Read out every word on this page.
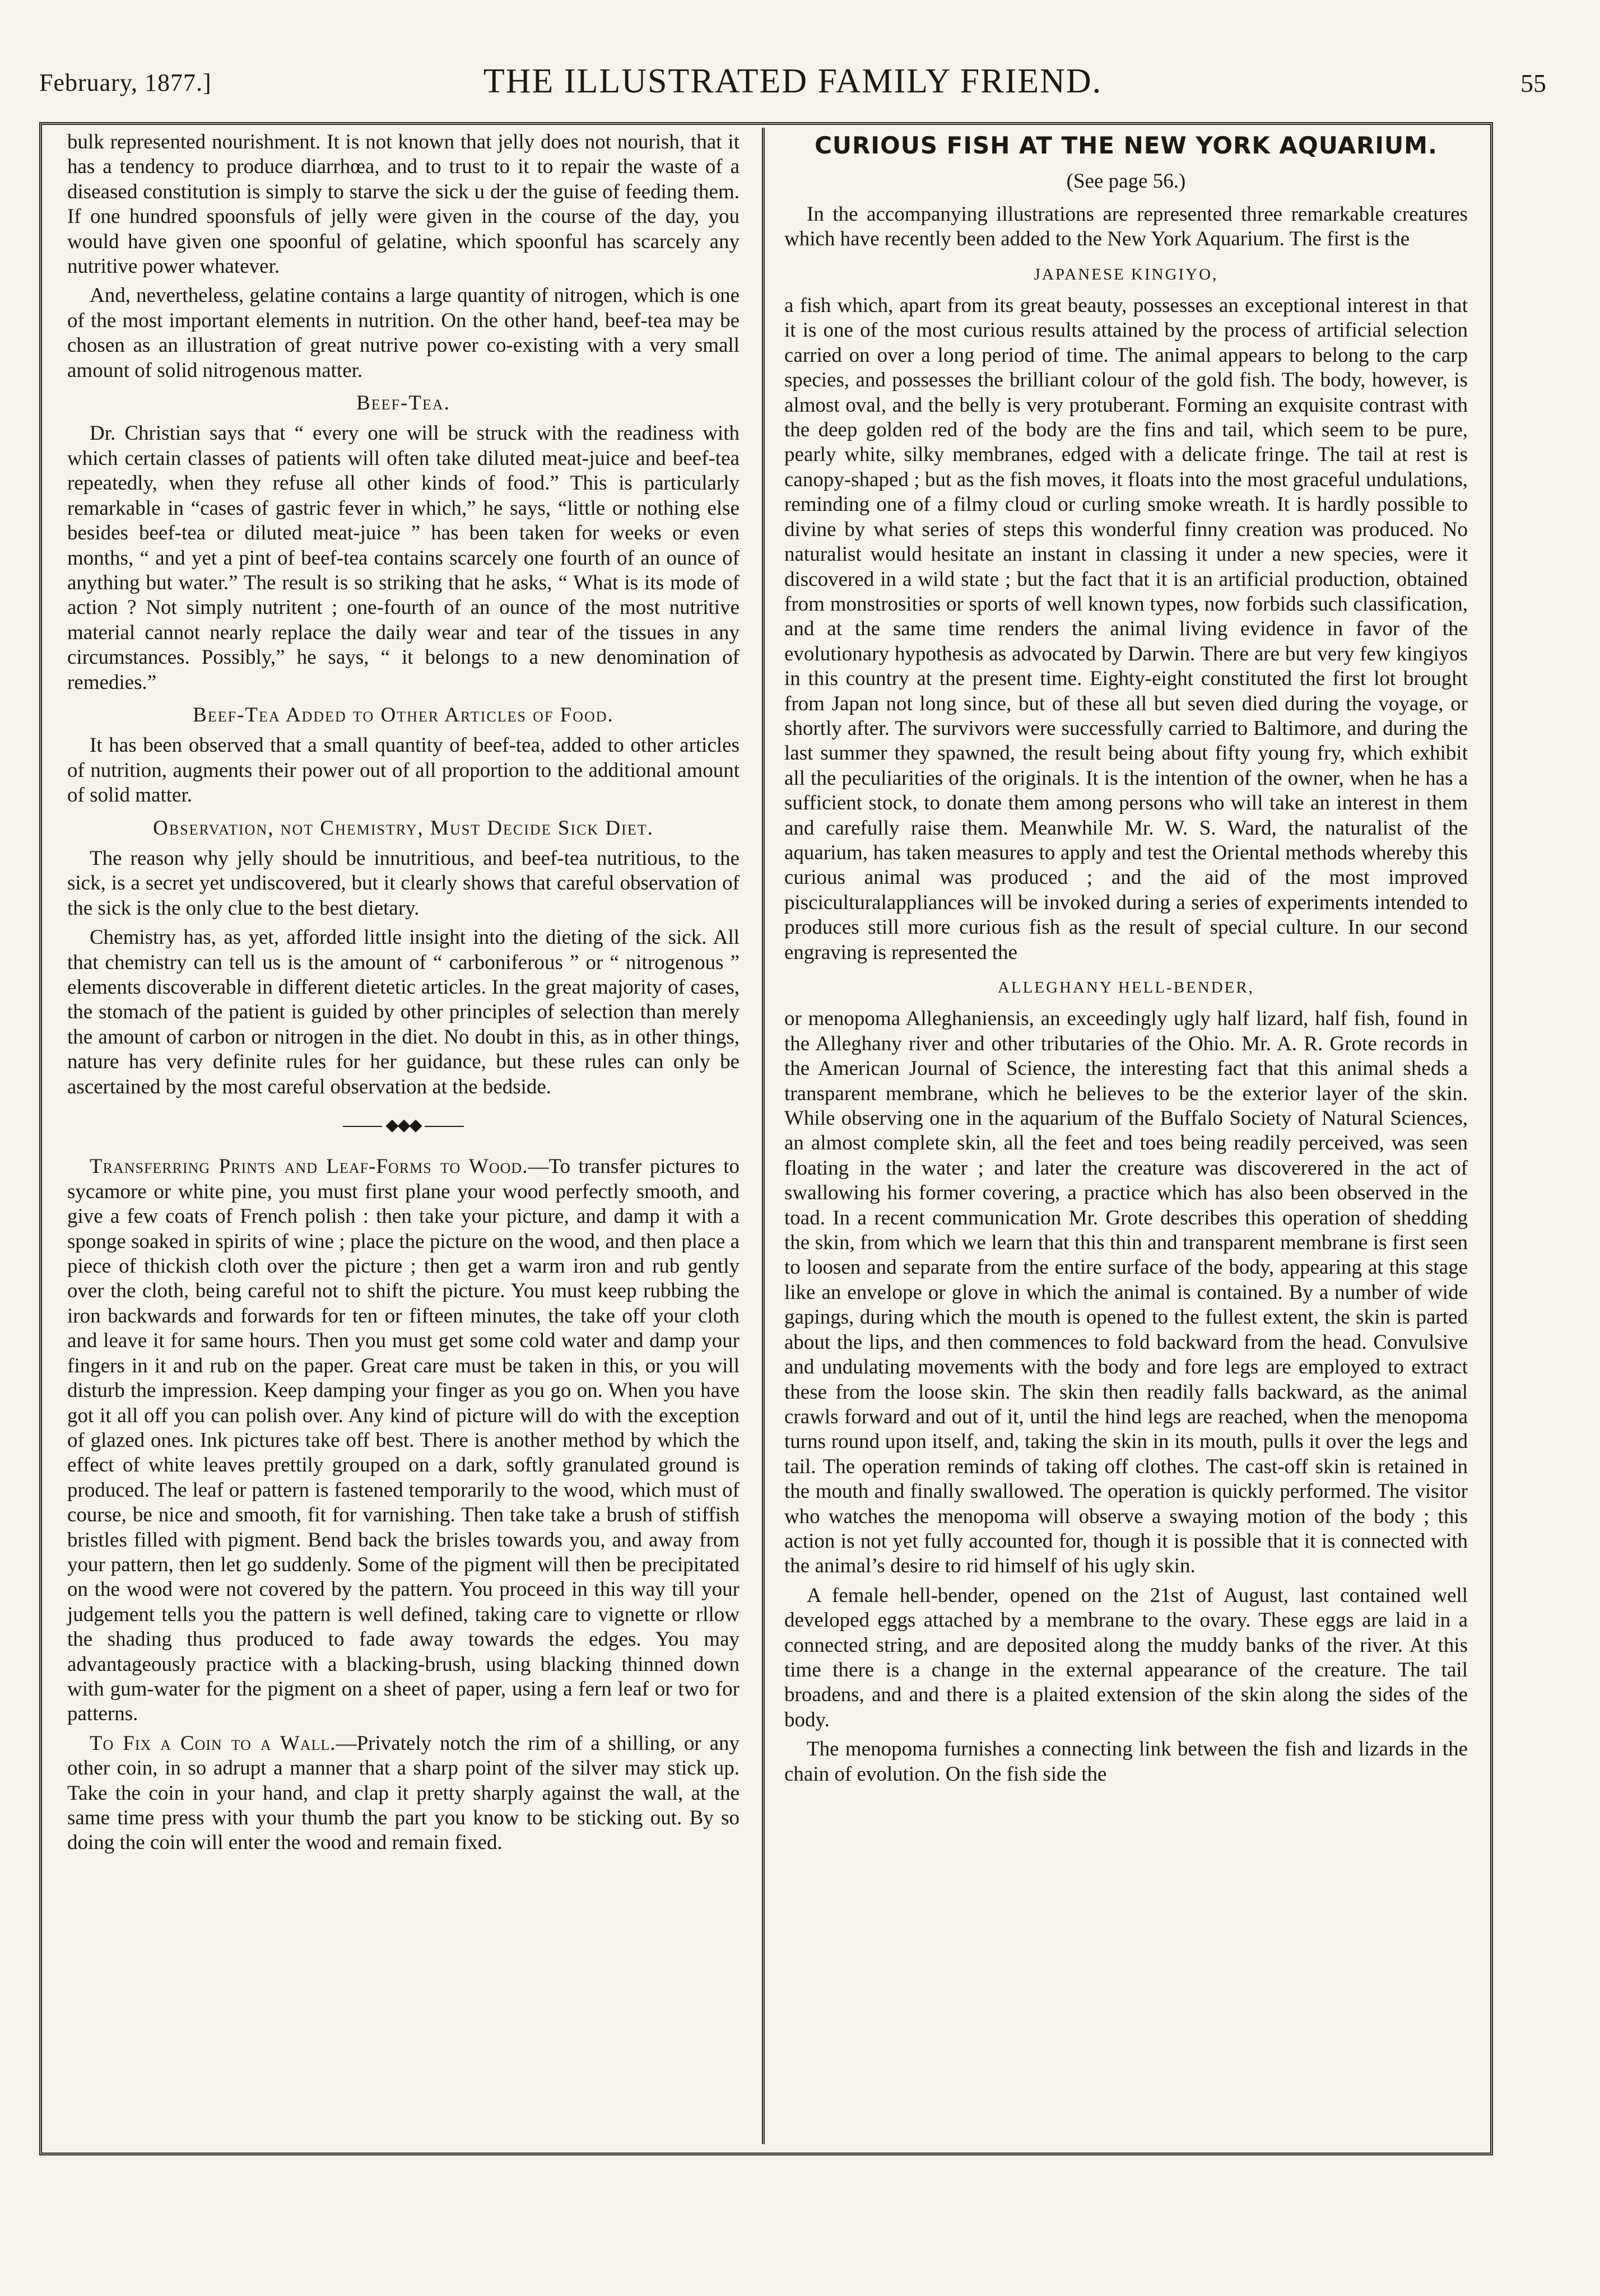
February, 1877.]	THE ILLUSTRATED FAMILY FRIEND.	55

bulk represented nourishment. It is not known that jelly does not nourish, that it has a tendency to produce diarrhœa, and to trust to it to repair the waste of a diseased constitution is simply to starve the sick u der the guise of feeding them. If one hundred spoonsfuls of jelly were given in the course of the day, you would have given one spoonful of gelatine, which spoonful has scarcely any nutritive power whatever.

And, nevertheless, gelatine contains a large quantity of nitrogen, which is one of the most important elements in nutrition. On the other hand, beef-tea may be chosen as an illustration of great nutrive power co-existing with a very small amount of solid nitrogenous matter.

Beef-Tea.

Dr. Christian says that “ every one will be struck with the readiness with which certain classes of patients will often take diluted meat-juice and beef-tea repeatedly, when they refuse all other kinds of food.” This is particularly remarkable in “cases of gastric fever in which,” he says, “little or nothing else besides beef-tea or diluted meat-juice ” has been taken for weeks or even months, “ and yet a pint of beef-tea contains scarcely one fourth of an ounce of anything but water.” The result is so striking that he asks, “ What is its mode of action ? Not simply nutritent ; one-fourth of an ounce of the most nutritive material cannot nearly replace the daily wear and tear of the tissues in any circumstances. Possibly,” he says, “ it belongs to a new denomination of remedies.”

Beef-Tea Added to Other Articles of Food.

It has been observed that a small quantity of beef-tea, added to other articles of nutrition, augments their power out of all proportion to the additional amount of solid matter.

Observation, not Chemistry, Must Decide Sick Diet.

The reason why jelly should be innutritious, and beef-tea nutritious, to the sick, is a secret yet undiscovered, but it clearly shows that careful observation of the sick is the only clue to the best dietary.

Chemistry has, as yet, afforded little insight into the dieting of the sick. All that chemistry can tell us is the amount of “ carboniferous ” or “ nitrogenous ” elements discoverable in different dietetic articles. In the great majority of cases, the stomach of the patient is guided by other principles of selection than merely the amount of carbon or nitrogen in the diet. No doubt in this, as in other things, nature has very definite rules for her guidance, but these rules can only be ascertained by the most careful observation at the bedside.

◆◆◆

Transferring Prints and Leaf-Forms to Wood.—To transfer pictures to sycamore or white pine, you must first plane your wood perfectly smooth, and give a few coats of French polish : then take your picture, and damp it with a sponge soaked in spirits of wine ; place the picture on the wood, and then place a piece of thickish cloth over the picture ; then get a warm iron and rub gently over the cloth, being careful not to shift the picture. You must keep rubbing the iron backwards and forwards for ten or fifteen minutes, the take off your cloth and leave it for same hours. Then you must get some cold water and damp your fingers in it and rub on the paper. Great care must be taken in this, or you will disturb the impression. Keep damping your finger as you go on. When you have got it all off you can polish over. Any kind of picture will do with the exception of glazed ones. Ink pictures take off best. There is another method by which the effect of white leaves prettily grouped on a dark, softly granulated ground is produced. The leaf or pattern is fastened temporarily to the wood, which must of course, be nice and smooth, fit for varnishing. Then take take a brush of stiffish bristles filled with pigment. Bend back the brisles towards you, and away from your pattern, then let go suddenly. Some of the pigment will then be precipitated on the wood were not covered by the pattern. You proceed in this way till your judgement tells you the pattern is well defined, taking care to vignette or rllow the shading thus produced to fade away towards the edges. You may advantageously practice with a blacking-brush, using blacking thinned down with gum-water for the pigment on a sheet of paper, using a fern leaf or two for patterns.

To Fix a Coin to a Wall.—Privately notch the rim of a shilling, or any other coin, in so adrupt a manner that a sharp point of the silver may stick up. Take the coin in your hand, and clap it pretty sharply against the wall, at the same time press with your thumb the part you know to be sticking out. By so doing the coin will enter the wood and remain fixed.

CURIOUS FISH AT THE NEW YORK AQUARIUM.
(See page 56.)

In the accompanying illustrations are represented three remarkable creatures which have recently been added to the New York Aquarium. The first is the

JAPANESE KINGIYO,

a fish which, apart from its great beauty, possesses an exceptional interest in that it is one of the most curious results attained by the process of artificial selection carried on over a long period of time. The animal appears to belong to the carp species, and possesses the brilliant colour of the gold fish. The body, however, is almost oval, and the belly is very protuberant. Forming an exquisite contrast with the deep golden red of the body are the fins and tail, which seem to be pure, pearly white, silky membranes, edged with a delicate fringe. The tail at rest is canopy-shaped ; but as the fish moves, it floats into the most graceful undulations, reminding one of a filmy cloud or curling smoke wreath. It is hardly possible to divine by what series of steps this wonderful finny creation was produced. No naturalist would hesitate an instant in classing it under a new species, were it discovered in a wild state ; but the fact that it is an artificial production, obtained from monstrosities or sports of well known types, now forbids such classification, and at the same time renders the animal living evidence in favor of the evolutionary hypothesis as advocated by Darwin. There are but very few kingiyos in this country at the present time. Eighty-eight constituted the first lot brought from Japan not long since, but of these all but seven died during the voyage, or shortly after. The survivors were successfully carried to Baltimore, and during the last summer they spawned, the result being about fifty young fry, which exhibit all the peculiarities of the originals. It is the intention of the owner, when he has a sufficient stock, to donate them among persons who will take an interest in them and carefully raise them. Meanwhile Mr. W. S. Ward, the naturalist of the aquarium, has taken measures to apply and test the Oriental methods whereby this curious animal was produced ; and the aid of the most improved pisciculturalappliances will be invoked during a series of experiments intended to produces still more curious fish as the result of special culture. In our second engraving is represented the

ALLEGHANY HELL-BENDER,

or menopoma Alleghaniensis, an exceedingly ugly half lizard, half fish, found in the Alleghany river and other tributaries of the Ohio. Mr. A. R. Grote records in the American Journal of Science, the interesting fact that this animal sheds a transparent membrane, which he believes to be the exterior layer of the skin. While observing one in the aquarium of the Buffalo Society of Natural Sciences, an almost complete skin, all the feet and toes being readily perceived, was seen floating in the water ; and later the creature was discoverered in the act of swallowing his former covering, a practice which has also been observed in the toad. In a recent communication Mr. Grote describes this operation of shedding the skin, from which we learn that this thin and transparent membrane is first seen to loosen and separate from the entire surface of the body, appearing at this stage like an envelope or glove in which the animal is contained. By a number of wide gapings, during which the mouth is opened to the fullest extent, the skin is parted about the lips, and then commences to fold backward from the head. Convulsive and undulating movements with the body and fore legs are employed to extract these from the loose skin. The skin then readily falls backward, as the animal crawls forward and out of it, until the hind legs are reached, when the menopoma turns round upon itself, and, taking the skin in its mouth, pulls it over the legs and tail. The operation reminds of taking off clothes. The cast-off skin is retained in the mouth and finally swallowed. The operation is quickly performed. The visitor who watches the menopoma will observe a swaying motion of the body ; this action is not yet fully accounted for, though it is possible that it is connected with the animal’s desire to rid himself of his ugly skin.

A female hell-bender, opened on the 21st of August, last contained well developed eggs attached by a membrane to the ovary. These eggs are laid in a connected string, and are deposited along the muddy banks of the river. At this time there is a change in the external appearance of the creature. The tail broadens, and and there is a plaited extension of the skin along the sides of the body.

The menopoma furnishes a connecting link between the fish and lizards in the chain of evolution. On the fish side the
